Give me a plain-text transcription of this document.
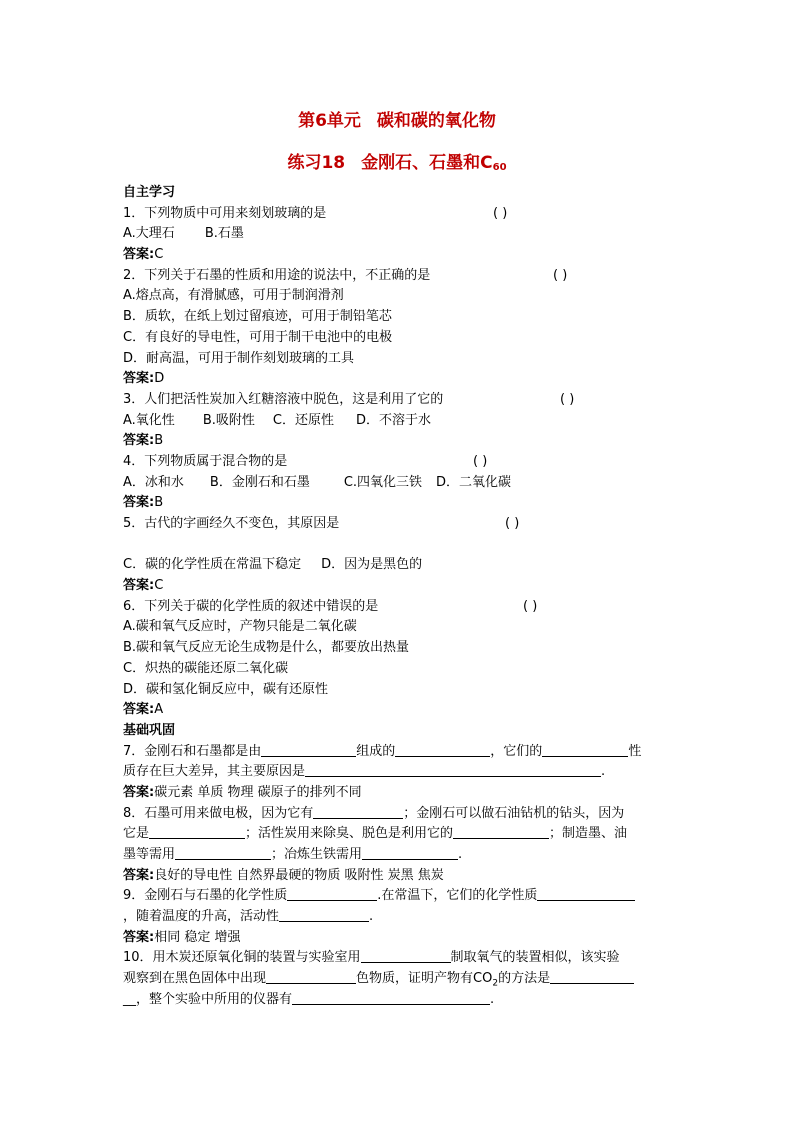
第6单元 碳和碳的氧化物
练习18 金刚石、石墨和$C_{60}$
自主学习
1．下列物质中可用来刻划玻璃的是	( )
A.大理石 B.石墨
答案:C
2．下列关于石墨的性质和用途的说法中，不正确的是	( )
A.熔点高，有滑腻感，可用于制润滑剂
B．质软，在纸上划过留痕迹，可用于制铅笔芯
C．有良好的导电性，可用于制干电池中的电极
D．耐高温，可用于制作刻划玻璃的工具
答案:D
3．人们把活性炭加入红糖溶液中脱色，这是利用了它的	( )
A.氧化性 B.吸附性 C．还原性 D．不溶于水
答案:B
4．下列物质属于混合物的是	( )
A．冰和水 B．金刚石和石墨	C.四氧化三铁 D．二氧化碳
答案:B
5．古代的字画经久不变色，其原因是	( )
C．碳的化学性质在常温下稳定 D．因为是黑色的
答案:C
6．下列关于碳的化学性质的叙述中错误的是	( )
A.碳和氧气反应时，产物只能是二氧化碳
B.碳和氧气反应无论生成物是什么，都要放出热量
C．炽热的碳能还原二氧化碳
D．碳和氢化铜反应中，碳有还原性
答案:A
基础巩固
7．金刚石和石墨都是由	组成的	，它们的	性
质存在巨大差异，其主要原因是	.
答案:碳元素 单质 物理 碳原子的排列不同
8．石墨可用来做电极，因为它有	；金刚石可以做石油钻机的钻头，因为
它是	；活性炭用来除臭、脱色是利用它的	；制造墨、油
墨等需用	；冶炼生铁需用	.
答案:良好的导电性 自然界最硬的物质 吸附性 炭黑 焦炭
9．金刚石与石墨的化学性质	.在常温下，它们的化学性质
，随着温度的升高，活动性	.
答案:相同 稳定 增强
10．用木炭还原氧化铜的装置与实验室用	制取氧气的装置相似，该实验
观察到在黑色固体中出现	色物质，证明产物有$CO_2$的方法是
__，整个实验中所用的仪器有	.
